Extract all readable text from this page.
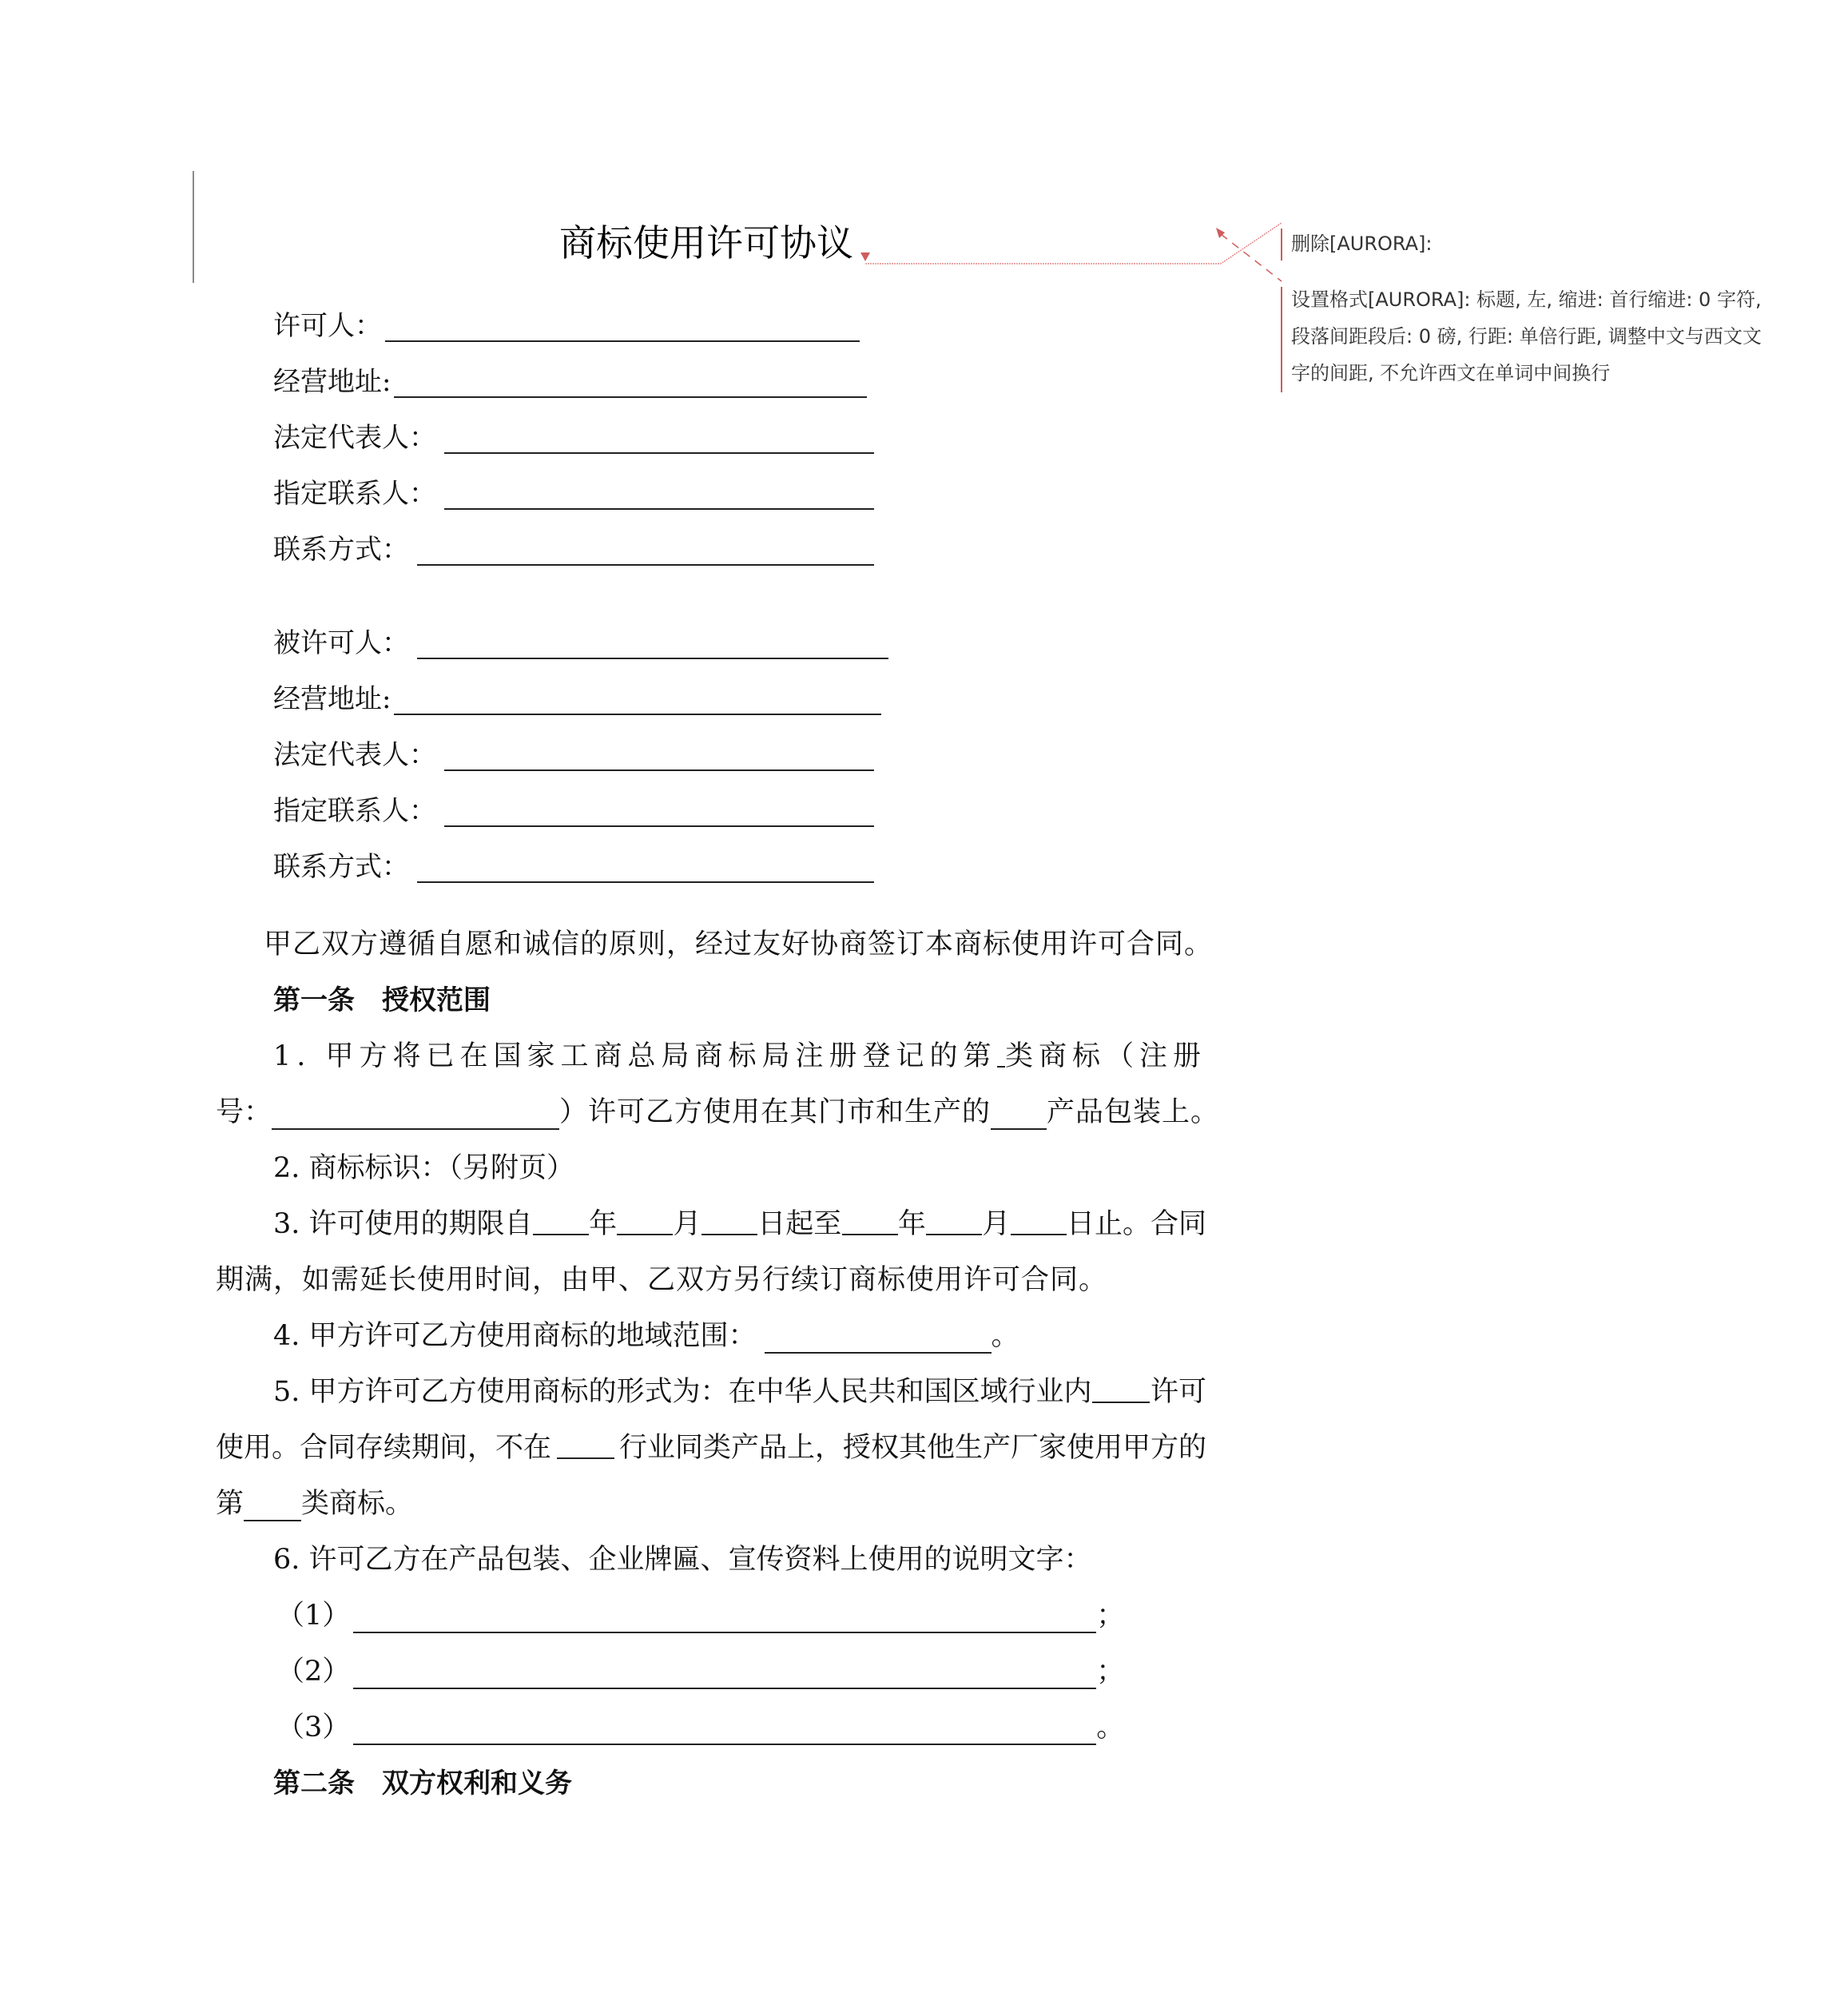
商标使用许可协议
许可人：
经营地址:
法定代表人：
指定联系人：
联系方式：
被许可人：
经营地址:
法定代表人：
指定联系人：
联系方式：
甲乙双方遵循自愿和诚信的原则，经过友好协商签订本商标使用许可合同。
第一条　授权范围
1. 甲方将已在国家工商总局商标局注册登记的第 类商标（注册
号：	）许可乙方使用在其门市和生产的 产品包装上。
2. 商标标识：（另附页）
3. 许可使用的期限自 年 月 日起至 年 月 日止。合同
期满，如需延长使用时间，由甲、乙双方另行续订商标使用许可合同。
4. 甲方许可乙方使用商标的地域范围：	。
5. 甲方许可乙方使用商标的形式为：在中华人民共和国区域行业内 许可
使用。合同存续期间，不在 行业同类产品上，授权其他生产厂家使用甲方的
第 类商标。
6. 许可乙方在产品包装、企业牌匾、宣传资料上使用的说明文字：
（1）	；
（2）	；
（3）	。
第二条　双方权利和义务
删除[AURORA]:
设置格式[AURORA]: 标题, 左, 缩进: 首行缩进: 0 字符,
段落间距段后: 0 磅, 行距: 单倍行距, 调整中文与西文文
字的间距, 不允许西文在单词中间换行
